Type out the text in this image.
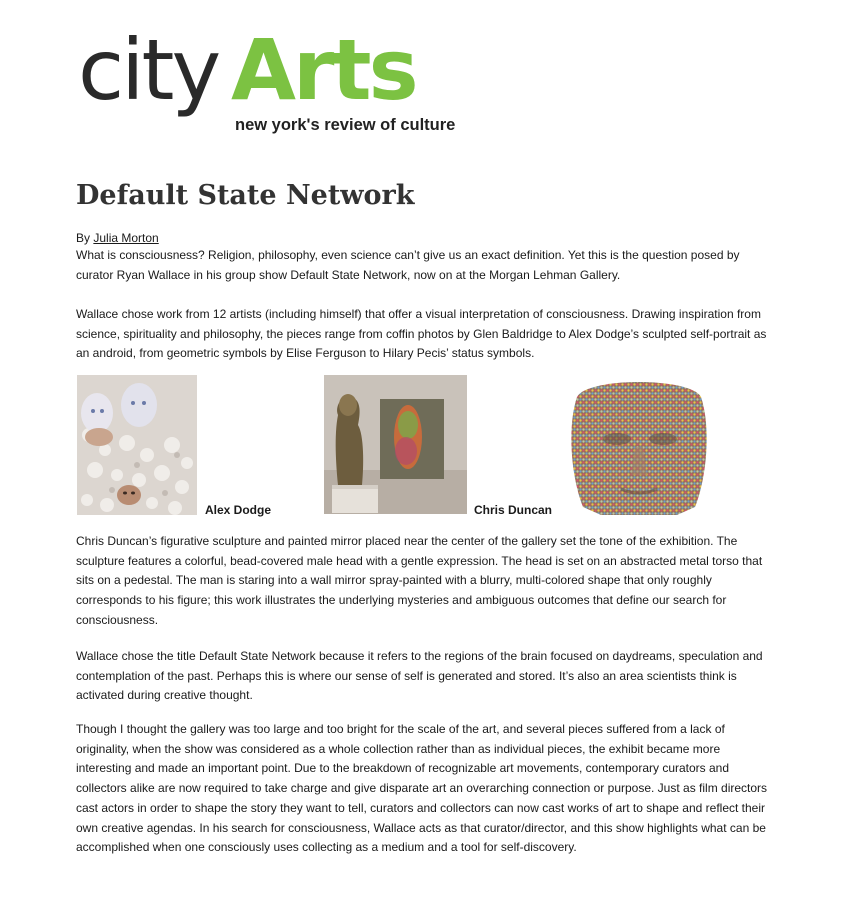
city Arts
new york's review of culture
Default State Network
By Julia Morton

What is consciousness? Religion, philosophy, even science can’t give us an exact definition. Yet this is the question posed by curator Ryan Wallace in his group show Default State Network, now on at the Morgan Lehman Gallery.

Wallace chose work from 12 artists (including himself) that offer a visual interpretation of consciousness. Drawing inspiration from science, spirituality and philosophy, the pieces range from coffin photos by Glen Baldridge to Alex Dodge’s sculpted self-portrait as an android, from geometric symbols by Elise Ferguson to Hilary Pecis’ status symbols.

Alex Dodge	Chris Duncan

Chris Duncan’s figurative sculpture and painted mirror placed near the center of the gallery set the tone of the exhibition. The sculpture features a colorful, bead-covered male head with a gentle expression. The head is set on an abstracted metal torso that sits on a pedestal. The man is staring into a wall mirror spray-painted with a blurry, multi-colored shape that only roughly corresponds to his figure; this work illustrates the underlying mysteries and ambiguous outcomes that define our search for consciousness.

Wallace chose the title Default State Network because it refers to the regions of the brain focused on daydreams, speculation and contemplation of the past. Perhaps this is where our sense of self is generated and stored. It’s also an area scientists think is activated during creative thought.

Though I thought the gallery was too large and too bright for the scale of the art, and several pieces suffered from a lack of originality, when the show was considered as a whole collection rather than as individual pieces, the exhibit became more interesting and made an important point. Due to the breakdown of recognizable art movements, contemporary curators and collectors alike are now required to take charge and give disparate art an overarching connection or purpose. Just as film directors cast actors in order to shape the story they want to tell, curators and collectors can now cast works of art to shape and reflect their own creative agendas. In his search for consciousness, Wallace acts as that curator/director, and this show highlights what can be accomplished when one consciously uses collecting as a medium and a tool for self-discovery.
